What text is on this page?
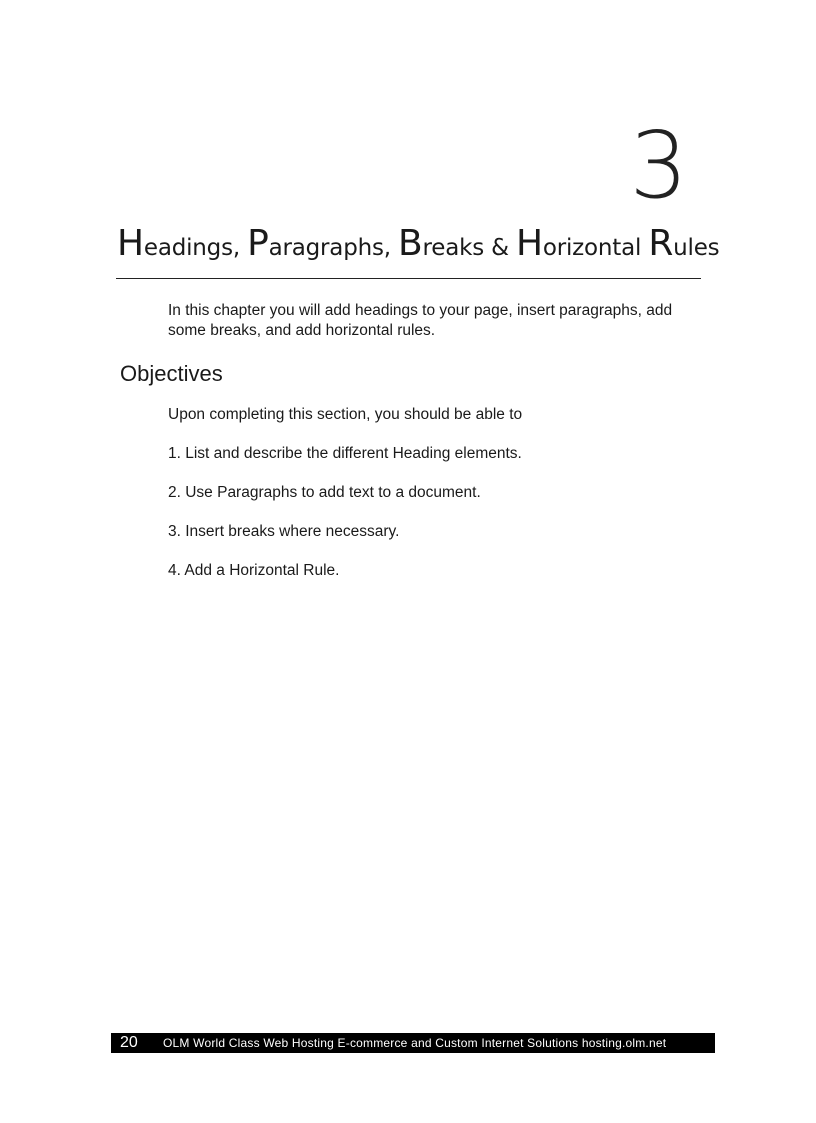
3
Headings, Paragraphs, Breaks & Horizontal Rules

In this chapter you will add headings to your page, insert paragraphs, add some breaks, and add horizontal rules.

Objectives

Upon completing this section, you should be able to

1. List and describe the different Heading elements.

2. Use Paragraphs to add text to a document.

3. Insert breaks where necessary.

4. Add a Horizontal Rule.

20	OLM World Class Web Hosting E-commerce and Custom Internet Solutions hosting.olm.net
